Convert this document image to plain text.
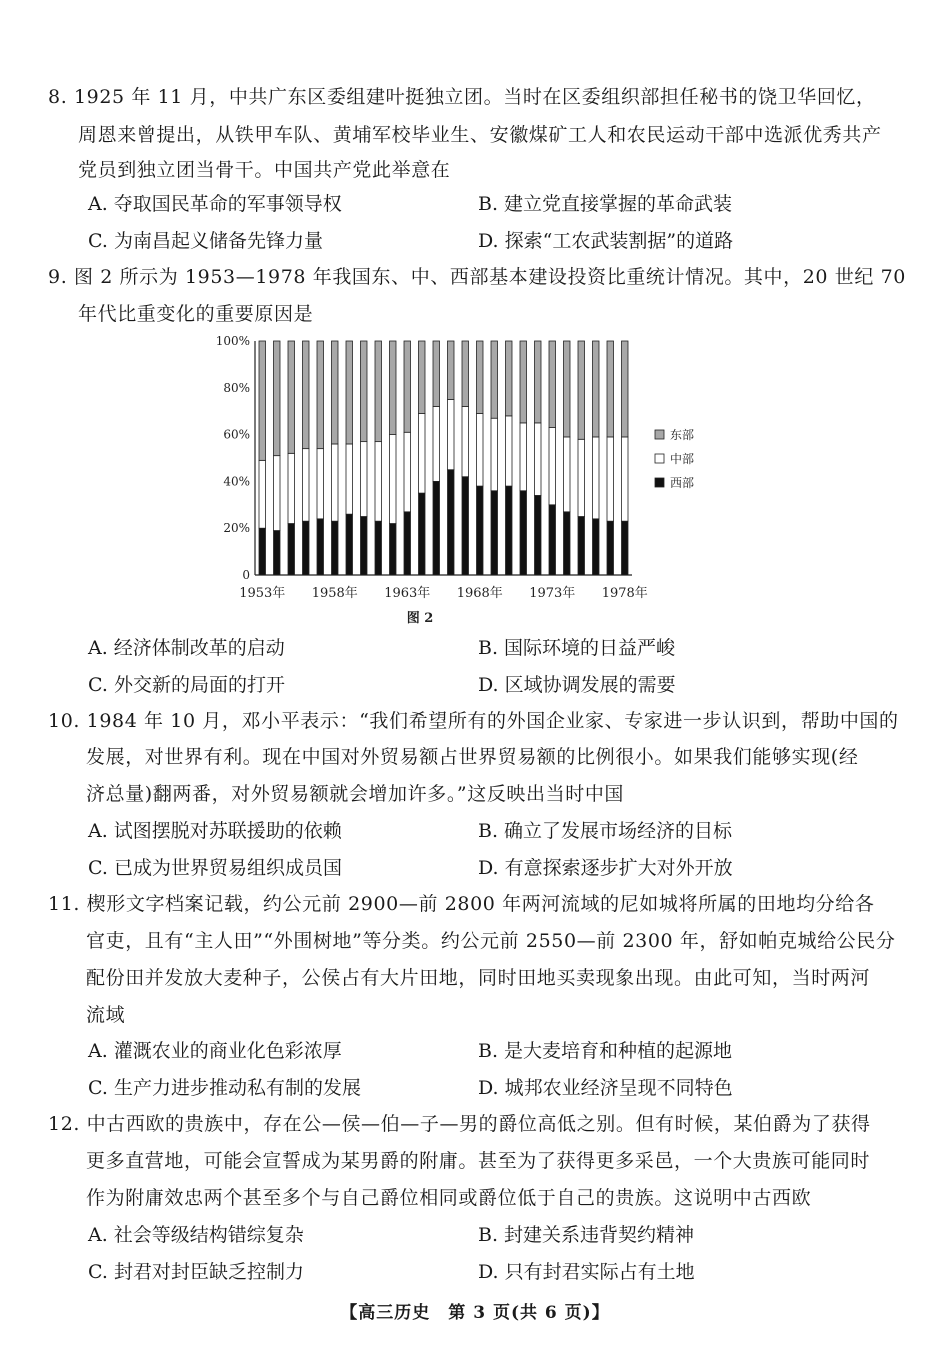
8. 1925 年 11 月，中共广东区委组建叶挺独立团。当时在区委组织部担任秘书的饶卫华回忆，
周恩来曾提出，从铁甲车队、黄埔军校毕业生、安徽煤矿工人和农民运动干部中选派优秀共产
党员到独立团当骨干。中国共产党此举意在
A. 夺取国民革命的军事领导权	B. 建立党直接掌握的革命武装
C. 为南昌起义储备先锋力量	D. 探索“工农武装割据”的道路
9. 图 2 所示为 1953—1978 年我国东、中、西部基本建设投资比重统计情况。其中，20 世纪 70
年代比重变化的重要原因是
0
20%
40%
60%
80%
100%
1953年 1958年 1963年 1968年 1973年 1978年
图 2
东部
中部
西部
A. 经济体制改革的启动	B. 国际环境的日益严峻
C. 外交新的局面的打开	D. 区域协调发展的需要
10. 1984 年 10 月，邓小平表示：“我们希望所有的外国企业家、专家进一步认识到，帮助中国的
发展，对世界有利。现在中国对外贸易额占世界贸易额的比例很小。如果我们能够实现(经
济总量)翻两番，对外贸易额就会增加许多。”这反映出当时中国
A. 试图摆脱对苏联援助的依赖	B. 确立了发展市场经济的目标
C. 已成为世界贸易组织成员国	D. 有意探索逐步扩大对外开放
11. 楔形文字档案记载，约公元前 2900—前 2800 年两河流域的尼如城将所属的田地均分给各
官吏，且有“主人田”“外围树地”等分类。约公元前 2550—前 2300 年，舒如帕克城给公民分
配份田并发放大麦种子，公侯占有大片田地，同时田地买卖现象出现。由此可知，当时两河
流域
A. 灌溉农业的商业化色彩浓厚	B. 是大麦培育和种植的起源地
C. 生产力进步推动私有制的发展	D. 城邦农业经济呈现不同特色
12. 中古西欧的贵族中，存在公—侯—伯—子—男的爵位高低之别。但有时候，某伯爵为了获得
更多直营地，可能会宣誓成为某男爵的附庸。甚至为了获得更多采邑，一个大贵族可能同时
作为附庸效忠两个甚至多个与自己爵位相同或爵位低于自己的贵族。这说明中古西欧
A. 社会等级结构错综复杂	B. 封建关系违背契约精神
C. 封君对封臣缺乏控制力	D. 只有封君实际占有土地
【高三历史　第 3 页(共 6 页)】
